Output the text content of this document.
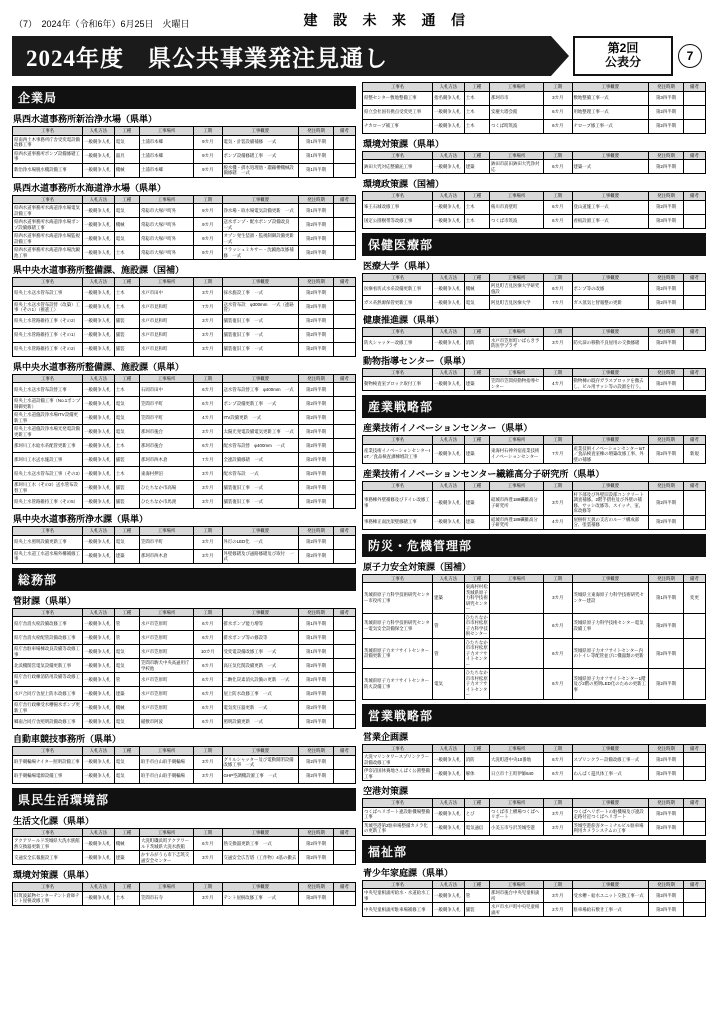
（7）　2024年（令和6年）6月25日　火曜日	建 設 未 来 通 信
2024年度　県公共事業発注見通し	第2回
公表分	7
企業局
県西水道事務所新治浄水場（県単）
工事名	入札方法	工種	工事場所	工期	工事概要	発注時期	備考
県南西土木事務所庁舎受変電設備改修工事	一般競争入札	電気	土浦市本郷	9カ月	電気・計装設備補修　一式	第1四半期	
県西水道事務所ポンプ設備修繕工事	一般競争入札	器具	土浦市本郷	9カ月	ポンプ設備修繕工事　一式	第1四半期	
新治浄水場脱水機設備工事	一般競争入札	機械	土浦市本郷	9カ月	脱水機・排水処理池・濃縮槽機械設備修繕　一式	第1四半期	
県西水道事務所水海道浄水場（県単）
工事名	入札方法	工種	工事場所	工期	工事概要	発注時期	備考
県西水道事務所水海道浄水場電気設備工事	一般競争入札	電気	常総市大塚戸町外	9カ月	浄水場・取水場電気設備更新　一式	第1四半期	
県西水道事務所水海道浄水場ポンプ設備修繕工事	一般競争入札	機械	常総市大塚戸町外	9カ月	送水ポンプ・配水ポンプ設備改良　一式	第2四半期	
県西水道事務所水海道浄水場監視設備工事	一般競争入札	電気	常総市大塚戸町外	9カ月	オゾン発生装置・監視制御設備更新　一式	第2四半期	
県西水道事務所水海道浄水場沈澱池工事	一般競争入札	土木	常総市大塚戸町外	9カ月	フラッシュミキサー・沈澱池改修補修　一式	第2四半期	
県中央水道事務所整備課、施設課（国補）
工事名	入札方法	工種	工事場所	工期	工事概要	発注時期	備考
県央上水送水管布設工事	一般競争入札	土木	水戸市田中	3カ月	採水施設工事　一式	第2四半期	
県央上水送水管布設替（改築）工事（その1）（推進工）	一般競争入札	土木	水戸市見和町	7カ月	送水管布設　φ300mm　一式（連絡管）	第2四半期	
県央上水管路維持工事（その2）	一般競争入札	舗装	水戸市見和町	3カ月	舗装復旧工事　一式	第2四半期	
県央上水管路維持工事（その1）	一般競争入札	舗装	水戸市見和町	3カ月	舗装復旧工事　一式	第2四半期	
県央上水管路維持工事（その2）	一般競争入札	舗装	水戸市見和町	3カ月	舗装復旧工事　一式	第2四半期	
県中央水道事務所整備課、施設課（県単）
工事名	入札方法	工種	工事場所	工期	工事概要	発注時期	備考
県央上水送水管布設替工事	一般競争入札	土木	石岡市田中	6カ月	送水管布設替工事　φ400mm　一式	第2四半期	
県央上水道設備工事（No.1ポンプ制御更新）	一般競争入札	電気	笠間市平町	6カ月	ポンプ設備更新工事　一式	第2四半期	
県央上水道施設浄水場ITV設備更新工事	一般競争入札	電気	笠間市平町	4カ月	ITV設備更新　一式	第2四半期	
県央上水道施設浄水場光発電設備更新工事	一般競争入札	電気	那珂市後台	3カ月	太陽光発電設備電気更新工事　一式	第2四半期	
那珂川工水給水系配管更新工事	一般競争入札	土木	那珂市後台	6カ月	配水管布設替　φ400mm　一式	第2四半期	
那珂川工水送水施設工事	一般競争入札	舗装	那珂市西木倉	7カ月	全連設備修繕　一式	第2四半期	
県央上水送水管布設工事（その3）	一般競争入札	土木	東海村押沼	3カ月	配水管布設　一式	第2四半期	
那珂川工水（その2）送水管布設替工事	一般競争入札	舗装	ひたちなか市高場	3カ月	舗装復旧工事　一式	第2四半期	
県央上水管路維持工事（その5）	一般競争入札	舗装	ひたちなか市馬渡	3カ月	舗装復旧工事　一式	第2四半期	
県中央水道事務所浄水課（県単）
工事名	入札方法	工種	工事場所	工期	工事概要	発注時期	備考
県央上水照明設備更新工事	一般競争入札	電気	笠間市平町	3カ月	外灯のLED化　一式	第2四半期	
県央上水道工水道水場外構補修工事	一般競争入札	建築	那珂市西木倉	3カ月	外壁修繕及び通路修繕及び取付　一式	第2四半期	
総務部
管財課（県単）
工事名	入札方法	工種	工事場所	工期	工事概要	発注時期	備考
県庁舎消火栓設備改修工事	一般競争入札	管	水戸市笠原町	6カ月	排水ポンプ能力増等	第1四半期	
県庁舎消火栓配管設備改修工事	一般競争入札	管	水戸市笠原町	6カ月	排水ポンプ等の修設等	第1四半期	
県庁舎駐車場棟改良設備等改修工事	一般競争入札	電気	水戸市笠原町	10カ月	受変電設備改修工事　一式	第1四半期	
北浜機関営電気設備更新工事	一般競争入札	電気	笠間市駒犬中央高通用庁学校他	6カ月	高圧気化関設備更新　一式	第2四半期	
県庁舎行政棟消防用設備等改修工事	一般競争入札	管	水戸市笠原町	6カ月	二酸化炭素消火設備の更新　一式	第2四半期	
水戸合同庁舎屋上防水改修工事	一般競争入札	建築	水戸市笠原町	6カ月	屋上防水改修工事　一式	第2四半期	
県庁舎行政棟受水槽揚水ポンプ更新工事	一般競争入札	機械	水戸市笠原町	6カ月	電気変圧器更新　一式	第2四半期	
郷南合同庁舎照明設備改修工事	一般競争入札	電気	稲敷市阿波	6カ月	照明設備更新　一式	第2四半期	
自動車競技事務所（県単）
工事名	入札方法	工種	工事場所	工期	工事概要	発注時期	備考
取手競輪場ナイター照明設備工事	一般競争入札	電気	取手市白山取手競輪場	3カ月	グリルシャッター及び電動開閉設備改修工事　一式	第2四半期	
取手競輪場電源設備工事	一般競争入札	電気	取手市白山取手競輪場	3カ月	GHP空調機設置工事　一式	第2四半期	
県民生活環境部
生活文化課（県単）
工事名	入札方法	工種	工事場所	工期	工事概要	発注時期	備考
アクアワールド茨城県大洗水族館熱交換器更新工事	一般競争入札	機械	大洗町磯浜町アクアワールド茨城県大洗水族館	6カ月	熱交換器更新工事　一式	第2四半期	
交通安全広報施設工事	一般競争入札	建築	かすみがうら市下志筑交通安全センター	3カ月	交通安全広告塔（工作物）4基の撤去	第2四半期	
環境対策課（県単）
工事名	入札方法	工種	工事場所	工期	工事概要	発注時期	備考
旧筑波鉱物センターテント倉庫テント屋根改修工事	一般競争入札	土木	笠間市石寺	3カ月	テント屋根改修工事　一式	第3四半期	
工事名	入札方法	工種	工事場所	工期	工事概要	発注時期	備考
県整センター敷地整備工事	指名競争入札	土木	那珂市市	3カ月	敷地整備工事一式	第3四半期	
県立会社国有拠点受変更工事	一般競争入札	土木	安慶大塔会館	6カ月	用地整理工事一式	第2四半期	
ナカロープ補工事	一般競争入札	土木	つくば町筑波	6カ月	ナローブ修工事一式	第2四半期	
環境対策課（県単）
工事名	入札方法	工種	工事場所	工期	工事概要	発注時期	備考
鉾田大究対応整備託工事	一般競争入札	建築	鉾田市前田鉾田大究浄対応	6カ月	建築一式	第2四半期	
環境政策課（国補）
工事名	入札方法	工種	工事場所	工期	工事概要	発注時期	備考
峯王石城改修工事	一般競争入札	土木	桜川市真壁町	6カ月	登山道施工事一式	第2四半期	
国定公園樹帯等改修工事	一般競争入札	土木	つくば市筑波	6カ月	看板設置工事一式	第3四半期	
保健医療部
医療大学（県単）
工事名	入札方法	工種	工事場所	工期	工事概要	発注時期	備考
医療看坊式水系設備更新工事	一般競争入札	機械	阿見町吉見医療大学研究施設	6カ月	ポンプ等の改修	第2四半期	
ガス系熱源保管更新工事	一般競争入札	電気	阿見町吉見医療大学	7カ月	ガス蒸気と智報整の更新	第2四半期	
健康推進課（県単）
工事名	入札方法	工種	工事場所	工期	工事概要	発注時期	備考
防火シャッター改修工事	一般競争入札	消防	水戸市笠原町いばらき予防医学プラザ	3カ月	防火扉の移動不良屋用の交換修繕	第2四半期	
動物指導センター（県単）
工事名	入札方法	工種	工事場所	工期	工事概要	発注時期	備考
動物検査室ブロック取付工事	一般競争入札	建築	笠間市笠間県動物指導センター	4カ月	動物棟の既存ガラスブロックを撤去し、ビル用サッシ等の設置を行う。	第2四半期	
産業戦略部
産業技術イノベーションセンター（県単）
工事名	入札方法	工種	工事場所	工期	工事概要	発注時期	備考
産業技術イノベーションセンターIoT／食品検査課棟増設工事	一般競争入札	建築	東海村石神外宿産業技術イノベーションセンター	7カ月	産業技術イノベーションセンターIoT／食品検査室棟の増築改修工事、外壁の補修	第2四半期	新規
産業技術イノベーションセンター繊維高分子研究所（県単）
工事名	入札方法	工種	工事場所	工期	工事概要	発注時期	備考
事務棟外壁補修及びドイレ改修工事	一般競争入札	建築	結城市西豊189繊維高分子研究所	3カ月	杆下部及び外壁旧設部コンクリート調査補修。2階手摺柱及び外壁の補修、サッシ改修等、スイッチ、室、床改修等	第2四半期	
事務棟正面沈架壁修繕工事	一般競争入札	建築	結城市西豊189繊維高分子研究所	4カ月	屋根軒天扱の支店のルーフ構成部分、塗装補修	第2四半期	
防災・危機管理部
原子力安全対策課（国補）
工事名	入札方法	工種	工事場所	工期	工事概要	発注時期	備考
茨城県原子力科学技術研究センター市役所工事	建築	東海村村松茨城県原子力科学技術研究センター		3カ月	茨城県立東海原子力科学技術研究センター建設	第1四半期	変更
茨城県原子力科学技術研究センター電気安全設備保全工事	管	ひたちなか市市村松原子力科学技術センター		6カ月	茨城県原子力科学技術センター電気設備工事	第2四半期	
茨城県原子力オフサイトセンター設備更新工事	管	ひたちなか市市村松原子力オフサイトセンター		6カ月	茨城県原子力オフサイトセンター内のトイレ等配管並びに機器類の更新	第2四半期	
茨城県原子力オフサイトセンター防火設備工事	電気	ひたちなか市市村松原子力オフサイトセンター		6カ月	茨城県原子力オフサイトセンター1階及び2階の照明LED化のための更新工事	第2四半期	
営業戦略部
営業企画課
工事名	入札方法	工種	工事場所	工期	工事概要	発注時期	備考
大洗マリンタワースプリンクラー設備改修工事	一般競争入札	消防	大洗町港中央10番地	6カ月	スプリンクラー設備改修工事一式	第2四半期	
伊奈沼国休養地さんぱく公園整備工事	一般競争入札	解体	日立市十王町伊師640	6カ月	わんぱく遊具体工事一式	第2四半期	
空港対策課
工事名	入札方法	工種	工事場所	工期	工事概要	発注時期	備考
つくばヘリポート連設駐機場整備工事	一般競争入札	とび	つくば市上横場つくばヘリポート	3カ月	つくばヘリポートの駐機場及び連設走路付近つくばヘリポート	第2四半期	
茨城空港第2駐車場整備カメラ化の更新工事	一般競争入札	電気通信	小美玉市与沢茨城空港	3カ月	茨城空港旅客ターミナルビル駐車場利用カメラシステムの工事	第2四半期	
福祉部
青少年家庭課（県単）
工事名	入札方法	工種	工事場所	工期	工事概要	発注時期	備考
中央児童相談所給水・水道給水工事	一般競争入札	管	那珂市後台中央児童相談所	3カ月	受水槽・給水ユニット交換工事一式	第2四半期	
中央児童相談所駐車場補修工事	一般競争入札	舗装	水戸市水戸町中央児童相談所	2カ月	駐車場給石敷き工事一式	第3四半期	
